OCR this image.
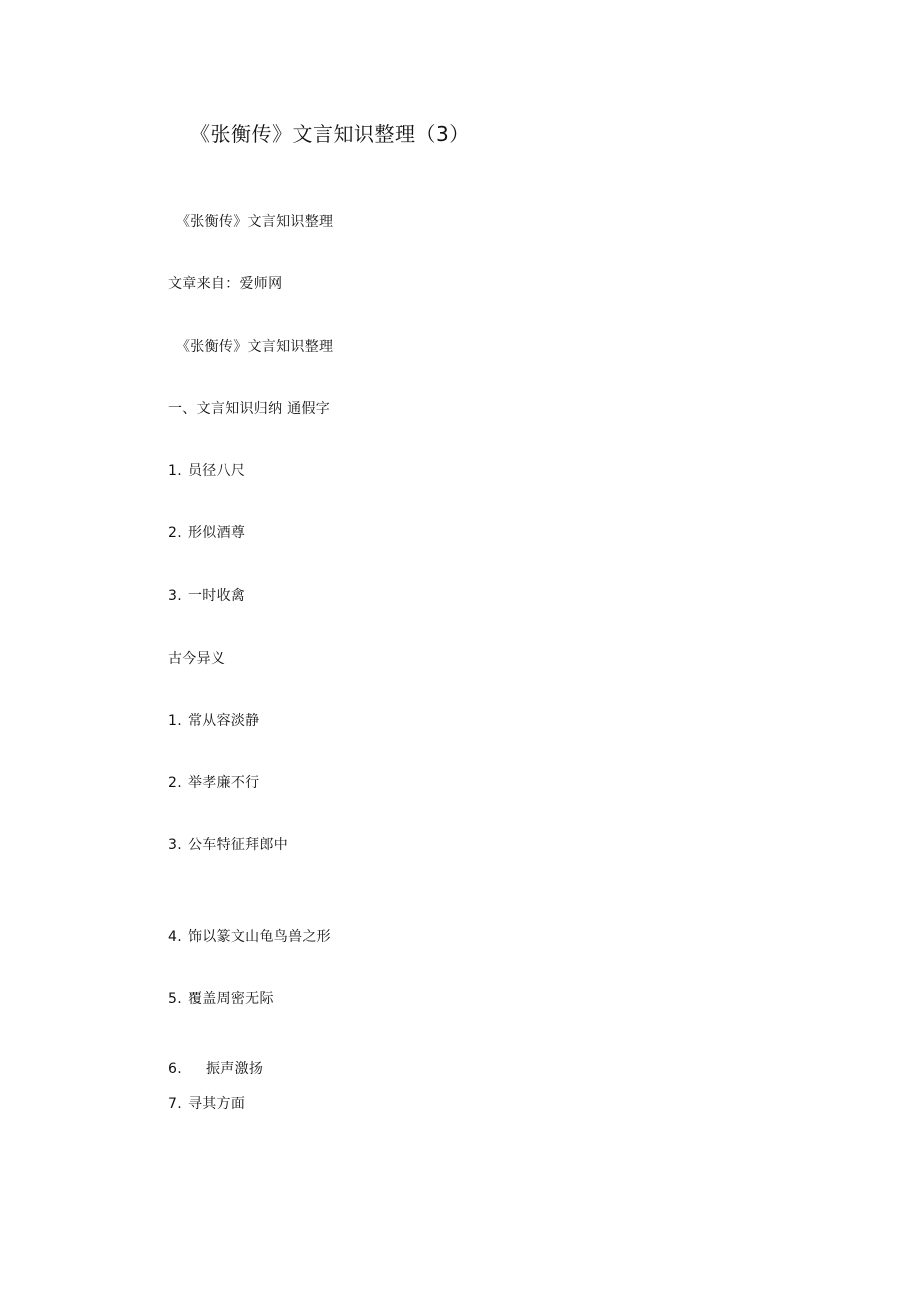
《张衡传》文言知识整理（3）
《张衡传》文言知识整理
文章来自：爱师网
《张衡传》文言知识整理
一、文言知识归纳 通假字
1. 员径八尺
2. 形似酒尊
3. 一时收禽
古今异义
1. 常从容淡静
2. 举孝廉不行
3. 公车特征拜郎中
4. 饰以篆文山龟鸟兽之形
5. 覆盖周密无际
6. 振声激扬
7. 寻其方面
